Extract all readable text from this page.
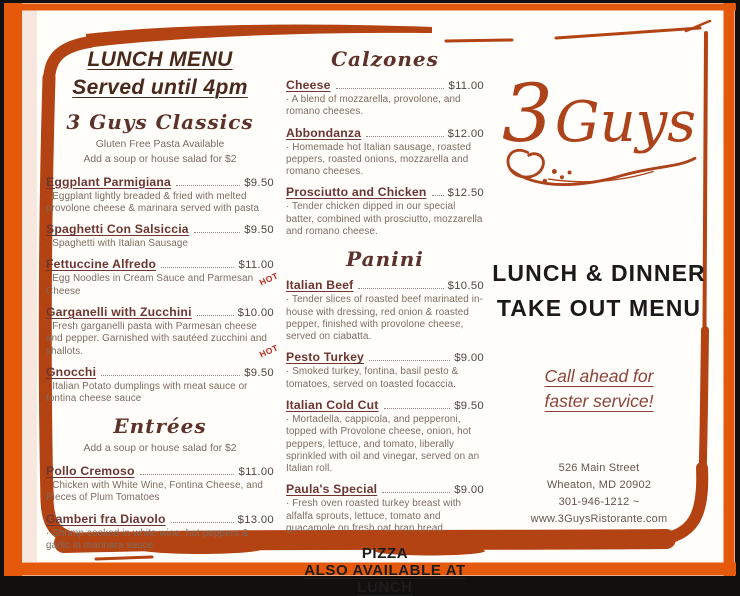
LUNCH MENU
Served until 4pm
3 Guys Classics
Gluten Free Pasta Available
Add a soup or house salad for $2
Eggplant Parmigiana	$9.50
· Eggplant lightly breaded & fried with melted provolone cheese & marinara served with pasta
Spaghetti Con Salsiccia	$9.50
· Spaghetti with Italian Sausage
Fettuccine Alfredo	$11.00
· Egg Noodles in Cream Sauce and Parmesan Cheese
Garganelli with Zucchini	$10.00
· Fresh garganelli pasta with Parmesan cheese and pepper. Garnished with sautéed zucchini and shallots.
Gnocchi	$9.50
· Italian Potato dumplings with meat sauce or fontina cheese sauce
Entrées
Add a soup or house salad for $2
Pollo Cremoso	$11.00
· Chicken with White Wine, Fontina Cheese, and Pieces of Plum Tomatoes
Gamberi fra Diavolo	$13.00
· Shrimp cooked in white wine, hot peppers & garlic in marinara sauce
Calzones
Cheese	$11.00
· A blend of mozzarella, provolone, and romano cheeses.
Abbondanza	$12.00
· Homemade hot Italian sausage, roasted peppers, roasted onions, mozzarella and romano cheeses.
Prosciutto and Chicken $12.50
· Tender chicken dipped in our special batter, combined with prosciutto, mozzarella and romano cheese.
Panini
HOT Italian Beef	$10.50
· Tender slices of roasted beef marinated in-house with dressing, red onion & roasted pepper, finished with provolone cheese, served on ciabatta.
HOT Pesto Turkey	$9.00
· Smoked turkey, fontina, basil pesto & tomatoes, served on toasted focaccia.
Italian Cold Cut	$9.50
· Mortadella, cappicola, and pepperoni, topped with Provolone cheese, onion, hot peppers, lettuce, and tomato, liberally sprinkled with oil and vinegar, served on an Italian roll.
Paula's Special	$9.00
· Fresh oven roasted turkey breast with alfalfa sprouts, lettuce, tomato and guacamole on fresh oat bran bread.
PIZZA
ALSO AVAILABLE AT LUNCH
3 Guys
LUNCH & DINNER
TAKE OUT MENU
Call ahead for
faster service!
526 Main Street
Wheaton, MD 20902
301-946-1212 ~ www.3GuysRistorante.com
